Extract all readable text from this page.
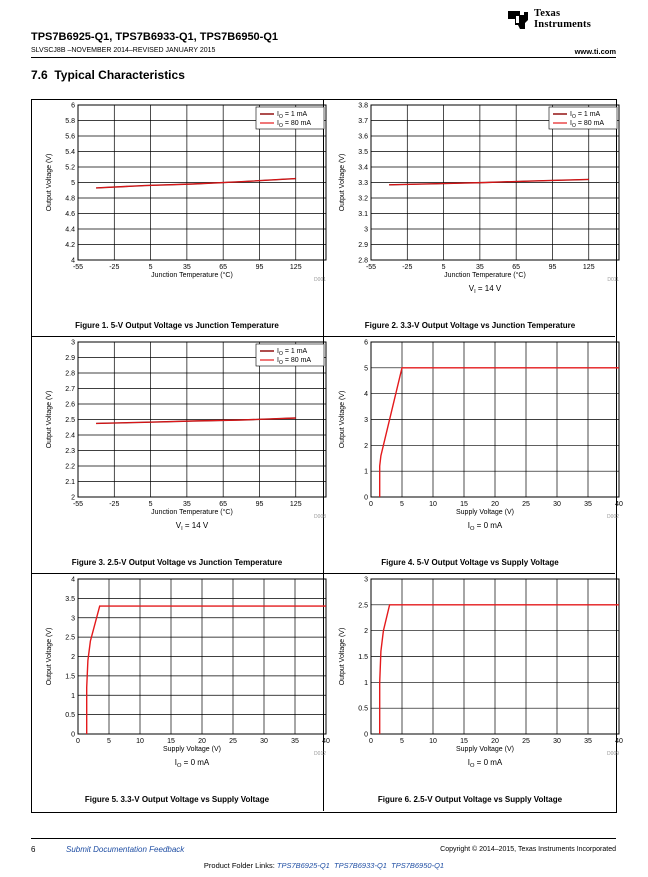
TPS7B6925-Q1, TPS7B6933-Q1, TPS7B6950-Q1
SLVSCJ8B –NOVEMBER 2014–REVISED JANUARY 2015	www.ti.com
Texas
Instruments
7.6 Typical Characteristics
4
4.2
4.4
4.6
4.8
5
5.2
5.4
5.6
5.8
6
-55	-25	5	35	65	95	125
Junction Temperature (°C)
Output Voltage (V)
D001
$I_O = 1$ mA
$I_O = 80$ mA
Figure 1. 5-V Output Voltage vs Junction Temperature
2.8
2.9
3
3.1
3.2
3.3
3.4
3.5
3.6
3.7
3.8
-55	-25	5	35	65	95	125
Junction Temperature (°C)
Output Voltage (V)
D011
$V_I = 14$ V
$I_O = 1$ mA
$I_O = 80$ mA
Figure 2. 3.3-V Output Voltage vs Junction Temperature
2
2.1
2.2
2.3
2.4
2.5
2.6
2.7
2.8
2.9
3
-55	-25	5	35	65	95	125
Junction Temperature (°C)
Output Voltage (V)
D008
$V_I = 14$ V
$I_O = 1$ mA
$I_O = 80$ mA
Figure 3. 2.5-V Output Voltage vs Junction Temperature
0
1
2
3
4
5
6
0	5	10	15	20	25	30	35	40
Supply Voltage (V)
Output Voltage (V)
D002
$I_O = 0$ mA
Figure 4. 5-V Output Voltage vs Supply Voltage
0
0.5
1
1.5
2
2.5
3
3.5
4
0	5	10	15	20	25	30	35	40
Supply Voltage (V)
Output Voltage (V)
D012
$I_O = 0$ mA
Figure 5. 3.3-V Output Voltage vs Supply Voltage
0
0.5
1
1.5
2
2.5
3
0	5	10	15	20	25	30	35	40
Supply Voltage (V)
Output Voltage (V)
D009
$I_O = 0$ mA
Figure 6. 2.5-V Output Voltage vs Supply Voltage
6	Submit Documentation Feedback	Copyright © 2014–2015, Texas Instruments Incorporated
Product Folder Links: TPS7B6925-Q1 TPS7B6933-Q1 TPS7B6950-Q1
